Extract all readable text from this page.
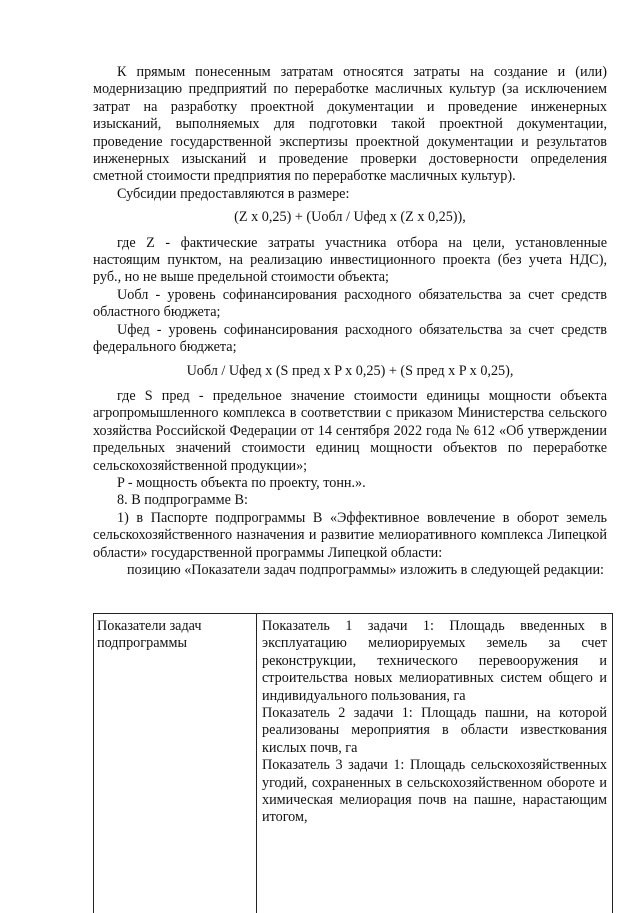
К прямым понесенным затратам относятся затраты на создание и (или) модернизацию предприятий по переработке масличных культур (за исключением затрат на разработку проектной документации и проведение инженерных изысканий, выполняемых для подготовки такой проектной документации, проведение государственной экспертизы проектной документации и результатов инженерных изысканий и проведение проверки достоверности определения сметной стоимости предприятия по переработке масличных культур).

Субсидии предоставляются в размере:

(Z х 0,25) + (Uобл / Uфед х (Z х 0,25)),

где Z - фактические затраты участника отбора на цели, установленные настоящим пунктом, на реализацию инвестиционного проекта (без учета НДС), руб., но не выше предельной стоимости объекта;

Uобл - уровень софинансирования расходного обязательства за счет средств областного бюджета;

Uфед - уровень софинансирования расходного обязательства за счет средств федерального бюджета;

Uобл / Uфед х (S пред х P х 0,25) + (S пред х P х 0,25),

где S пред - предельное значение стоимости единицы мощности объекта агропромышленного комплекса в соответствии с приказом Министерства сельского хозяйства Российской Федерации от 14 сентября 2022 года № 612 «Об утверждении предельных значений стоимости единиц мощности объектов по переработке сельскохозяйственной продукции»;

P - мощность объекта по проекту, тонн.».

8. В подпрограмме В:

1) в Паспорте подпрограммы В «Эффективное вовлечение в оборот земель сельскохозяйственного назначения и развитие мелиоративного комплекса Липецкой области» государственной программы Липецкой области:

позицию «Показатели задач подпрограммы» изложить в следующей редакции:

Показатели задач
подпрограммы

Показатель 1 задачи 1: Площадь введенных в эксплуатацию мелиорируемых земель за счет реконструкции, технического перевооружения и строительства новых мелиоративных систем общего и индивидуального пользования, га

Показатель 2 задачи 1: Площадь пашни, на которой реализованы мероприятия в области известкования кислых почв, га

Показатель 3 задачи 1: Площадь сельскохозяйственных угодий, сохраненных в сельскохозяйственном обороте и химическая мелиорация почв на пашне, нарастающим итогом,
